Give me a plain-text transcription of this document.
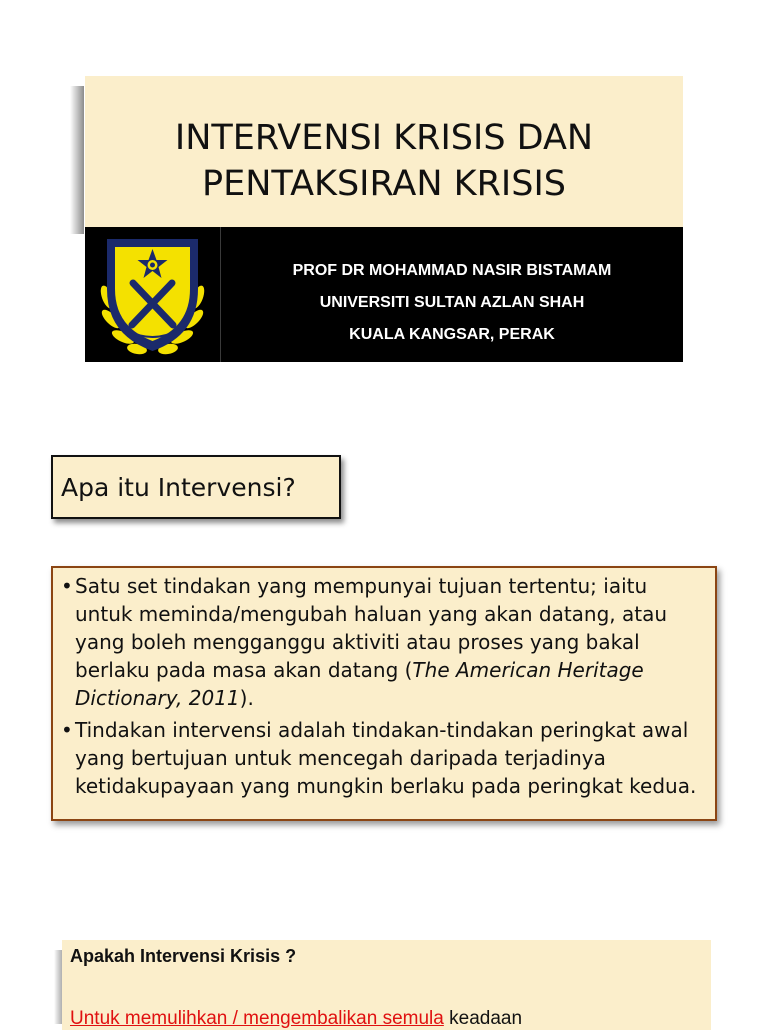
INTERVENSI KRISIS DAN
PENTAKSIRAN KRISIS
PROF DR MOHAMMAD NASIR BISTAMAM
UNIVERSITI SULTAN AZLAN SHAH
KUALA KANGSAR, PERAK
Apa itu Intervensi?
• Satu set tindakan yang mempunyai tujuan tertentu; iaitu
untuk meminda/mengubah haluan yang akan datang, atau
yang boleh mengganggu aktiviti atau proses yang bakal
berlaku pada masa akan datang (The American Heritage
Dictionary, 2011).
• Tindakan intervensi adalah tindakan-tindakan peringkat awal
yang bertujuan untuk mencegah daripada terjadinya
ketidakupayaan yang mungkin berlaku pada peringkat kedua.
Apakah Intervensi Krisis ?
Untuk memulihkan / mengembalikan semula keadaan
